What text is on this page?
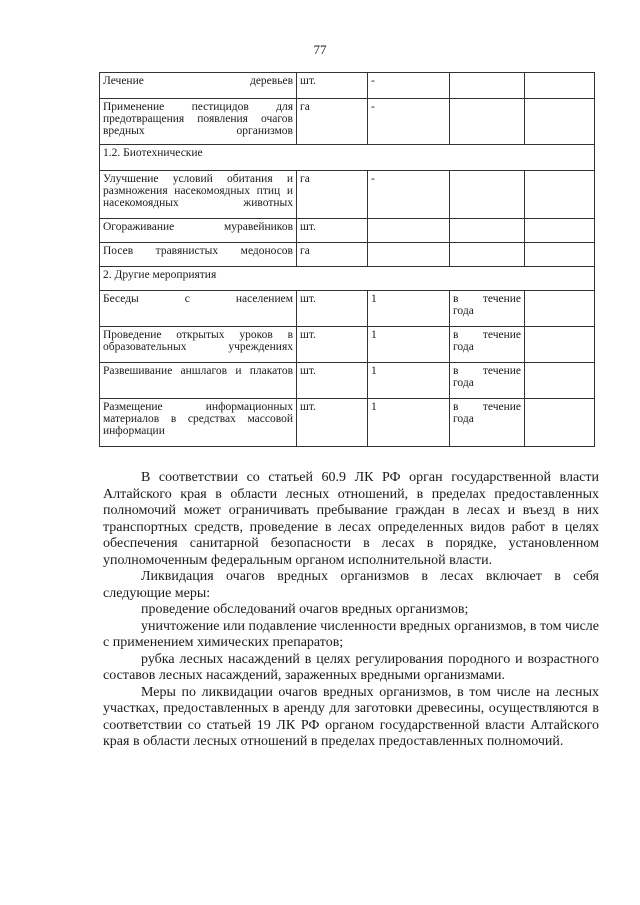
77
Лечение деревьев	шт.	-		
Применение пестицидов для предотвращения появления очагов вредных организмов	га	-		
1.2. Биотехнические				
Улучшение условий обитания и размножения насекомоядных птиц и насекомоядных животных	га	-		
Огораживание муравейников	шт.			
Посев травянистых медоносов	га			
2. Другие мероприятия				
Беседы с населением	шт.	1	в течение года	
Проведение открытых уроков в образовательных учреждениях	шт.	1	в течение года	
Развешивание аншлагов и плакатов	шт.	1	в течение года	
Размещение информационных материалов в средствах массовой информации	шт.	1	в течение года	

В соответствии со статьей 60.9 ЛК РФ орган государственной власти Алтайского края в области лесных отношений, в пределах предоставленных полномочий может ограничивать пребывание граждан в лесах и въезд в них транспортных средств, проведение в лесах определенных видов работ в целях обеспечения санитарной безопасности в лесах в порядке, установленном уполномоченным федеральным органом исполнительной власти.

Ликвидация очагов вредных организмов в лесах включает в себя следующие меры:

проведение обследований очагов вредных организмов;

уничтожение или подавление численности вредных организмов, в том числе с применением химических препаратов;

рубка лесных насаждений в целях регулирования породного и возрастного составов лесных насаждений, зараженных вредными организмами.

Меры по ликвидации очагов вредных организмов, в том числе на лесных участках, предоставленных в аренду для заготовки древесины, осуществляются в соответствии со статьей 19 ЛК РФ органом государственной власти Алтайского края в области лесных отношений в пределах предоставленных полномочий.
